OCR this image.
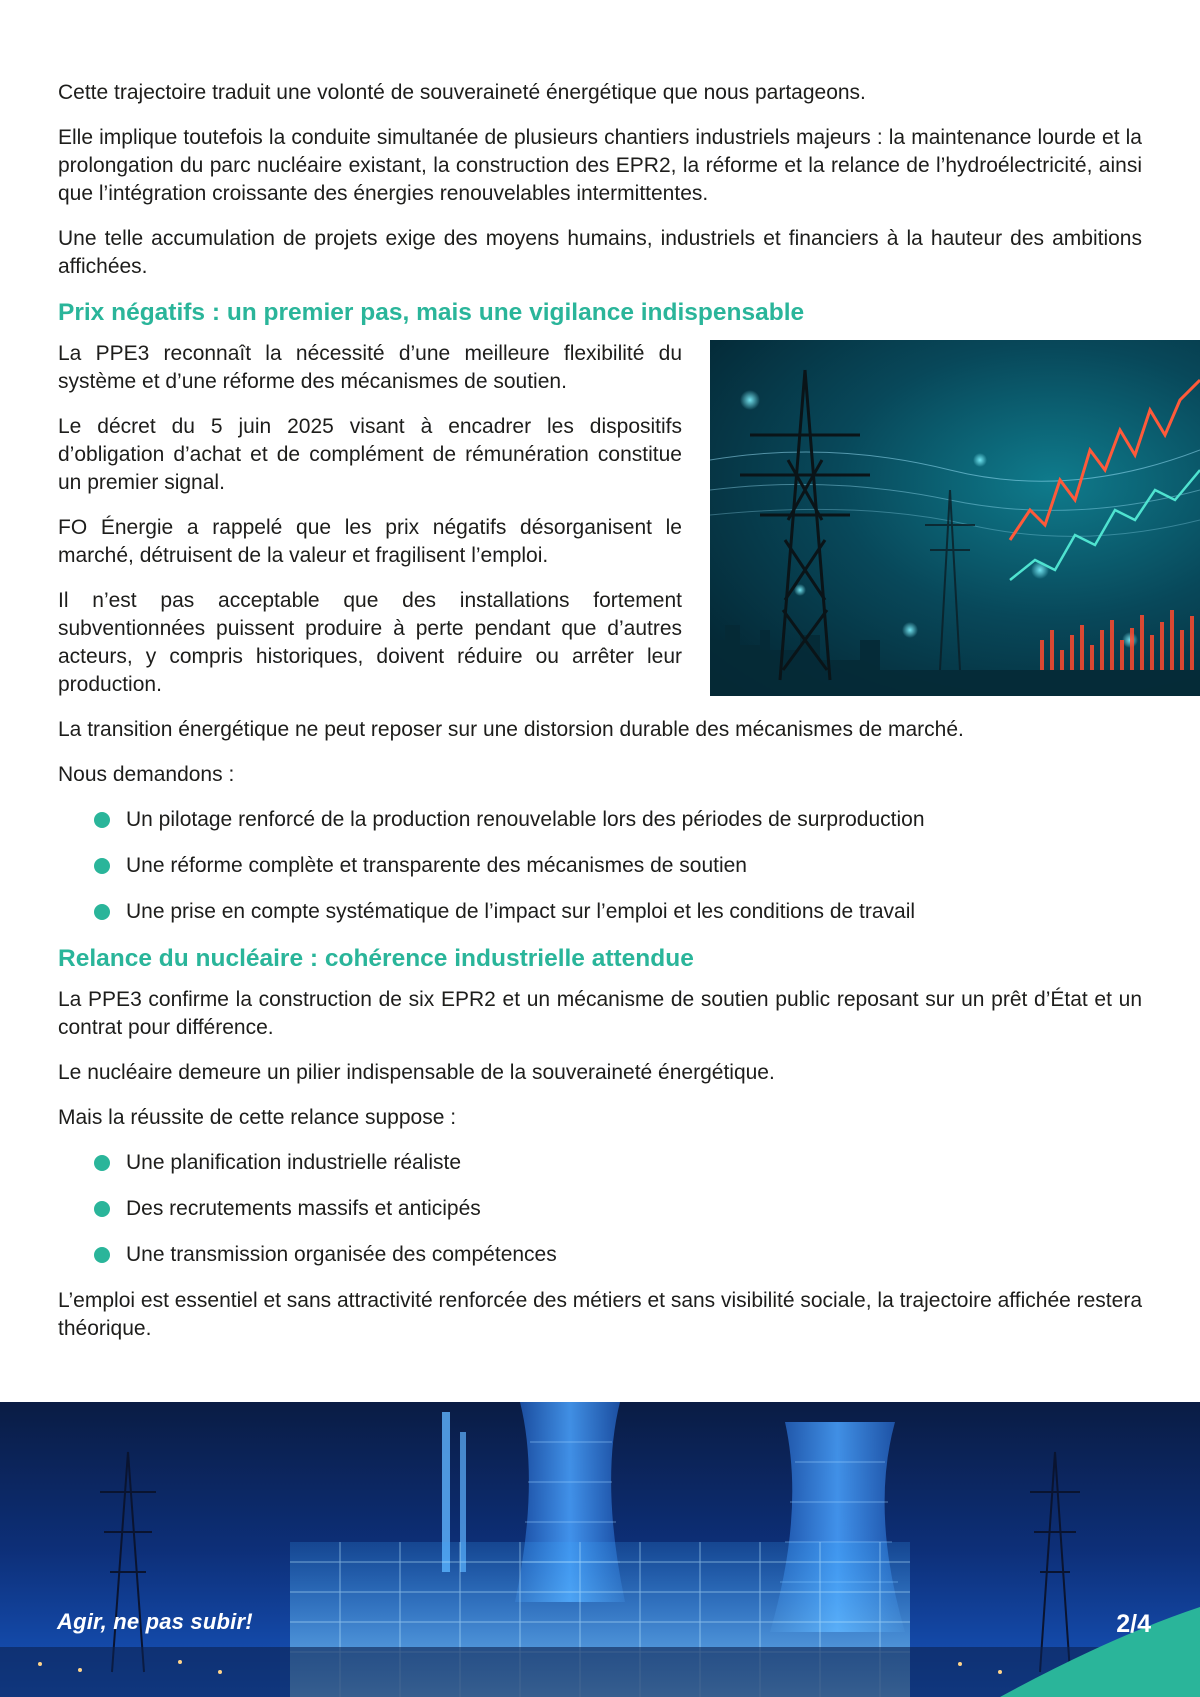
Cette trajectoire traduit une volonté de souveraineté énergétique que nous partageons.

Elle implique toutefois la conduite simultanée de plusieurs chantiers industriels majeurs : la maintenance lourde et la prolongation du parc nucléaire existant, la construction des EPR2, la réforme et la relance de l’hydroélectricité, ainsi que l’intégration croissante des énergies renouvelables intermittentes.

Une telle accumulation de projets exige des moyens humains, industriels et financiers à la hauteur des ambitions affichées.

Prix négatifs : un premier pas, mais une vigilance indispensable

La PPE3 reconnaît la nécessité d’une meilleure flexibilité du système et d’une réforme des mécanismes de soutien.

Le décret du 5 juin 2025 visant à encadrer les dispositifs d’obligation d’achat et de complément de rémunération constitue un premier signal.

FO Énergie a rappelé que les prix négatifs désorganisent le marché, détruisent de la valeur et fragilisent l’emploi.

Il n’est pas acceptable que des installations fortement subventionnées puissent produire à perte pendant que d’autres acteurs, y compris historiques, doivent réduire ou arrêter leur production.

La transition énergétique ne peut reposer sur une distorsion durable des mécanismes de marché.

Nous demandons :

Un pilotage renforcé de la production renouvelable lors des périodes de surproduction
Une réforme complète et transparente des mécanismes de soutien
Une prise en compte systématique de l’impact sur l’emploi et les conditions de travail
Relance du nucléaire : cohérence industrielle attendue

La PPE3 confirme la construction de six EPR2 et un mécanisme de soutien public reposant sur un prêt d’État et un contrat pour différence.

Le nucléaire demeure un pilier indispensable de la souveraineté énergétique.

Mais la réussite de cette relance suppose :

Une planification industrielle réaliste
Des recrutements massifs et anticipés
Une transmission organisée des compétences

L’emploi est essentiel et sans attractivité renforcée des métiers et sans visibilité sociale, la trajectoire affichée restera théorique.

Agir, ne pas subir!	2/4
